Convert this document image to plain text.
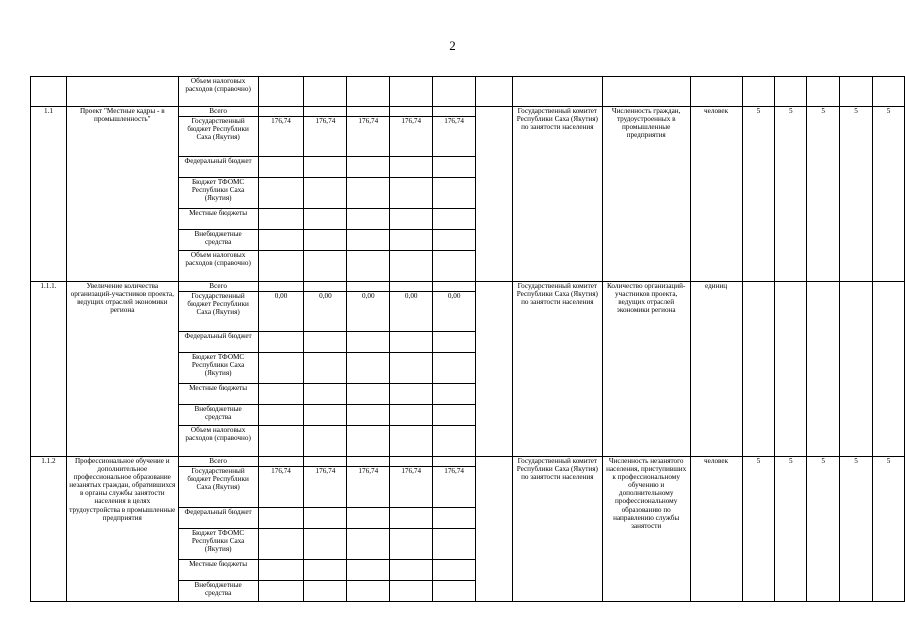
2
		Объем налоговых расходов (справочно)														
1.1	Проект "Местные кадры - в промышленность"	Всего							Государственный комитет Республики Саха (Якутия) по занятости населения	Численность граждан, трудоустроенных в промышленные предприятия	человек	5	5	5	5	5
		Государственный бюджет Республики Саха (Якутия)	176,74	176,74	176,74	176,74	176,74									
		Федеральный бюджет														
		Бюджет ТФОМС Республики Саха (Якутия)														
		Местные бюджеты														
		Внебюджетные средства														
		Объем налоговых расходов (справочно)														
1.1.1.	Увеличение количества организаций-участников проекта, ведущих отраслей экономики региона	Всего							Государственный комитет Республики Саха (Якутия) по занятости населения	Количество организаций-участников проекта, ведущих отраслей экономики региона	единиц					
		Государственный бюджет Республики Саха (Якутия)	0,00	0,00	0,00	0,00	0,00									
		Федеральный бюджет														
		Бюджет ТФОМС Республики Саха (Якутия)														
		Местные бюджеты														
		Внебюджетные средства														
		Объем налоговых расходов (справочно)														
1.1.2	Профессиональное обучение и дополнительное профессиональное образование незанятых граждан, обратившихся в органы службы занятости населения в целях трудоустройства в промышленные предприятия	Всего							Государственный комитет Республики Саха (Якутия) по занятости населения	Численность незанятого населения, приступивших к профессиональному обучению и дополнительному профессиональному образованию по направлению службы занятости	человек	5	5	5	5	5
		Государственный бюджет Республики Саха (Якутия)	176,74	176,74	176,74	176,74	176,74									
		Федеральный бюджет														
		Бюджет ТФОМС Республики Саха (Якутия)														
		Местные бюджеты														
		Внебюджетные средства														
